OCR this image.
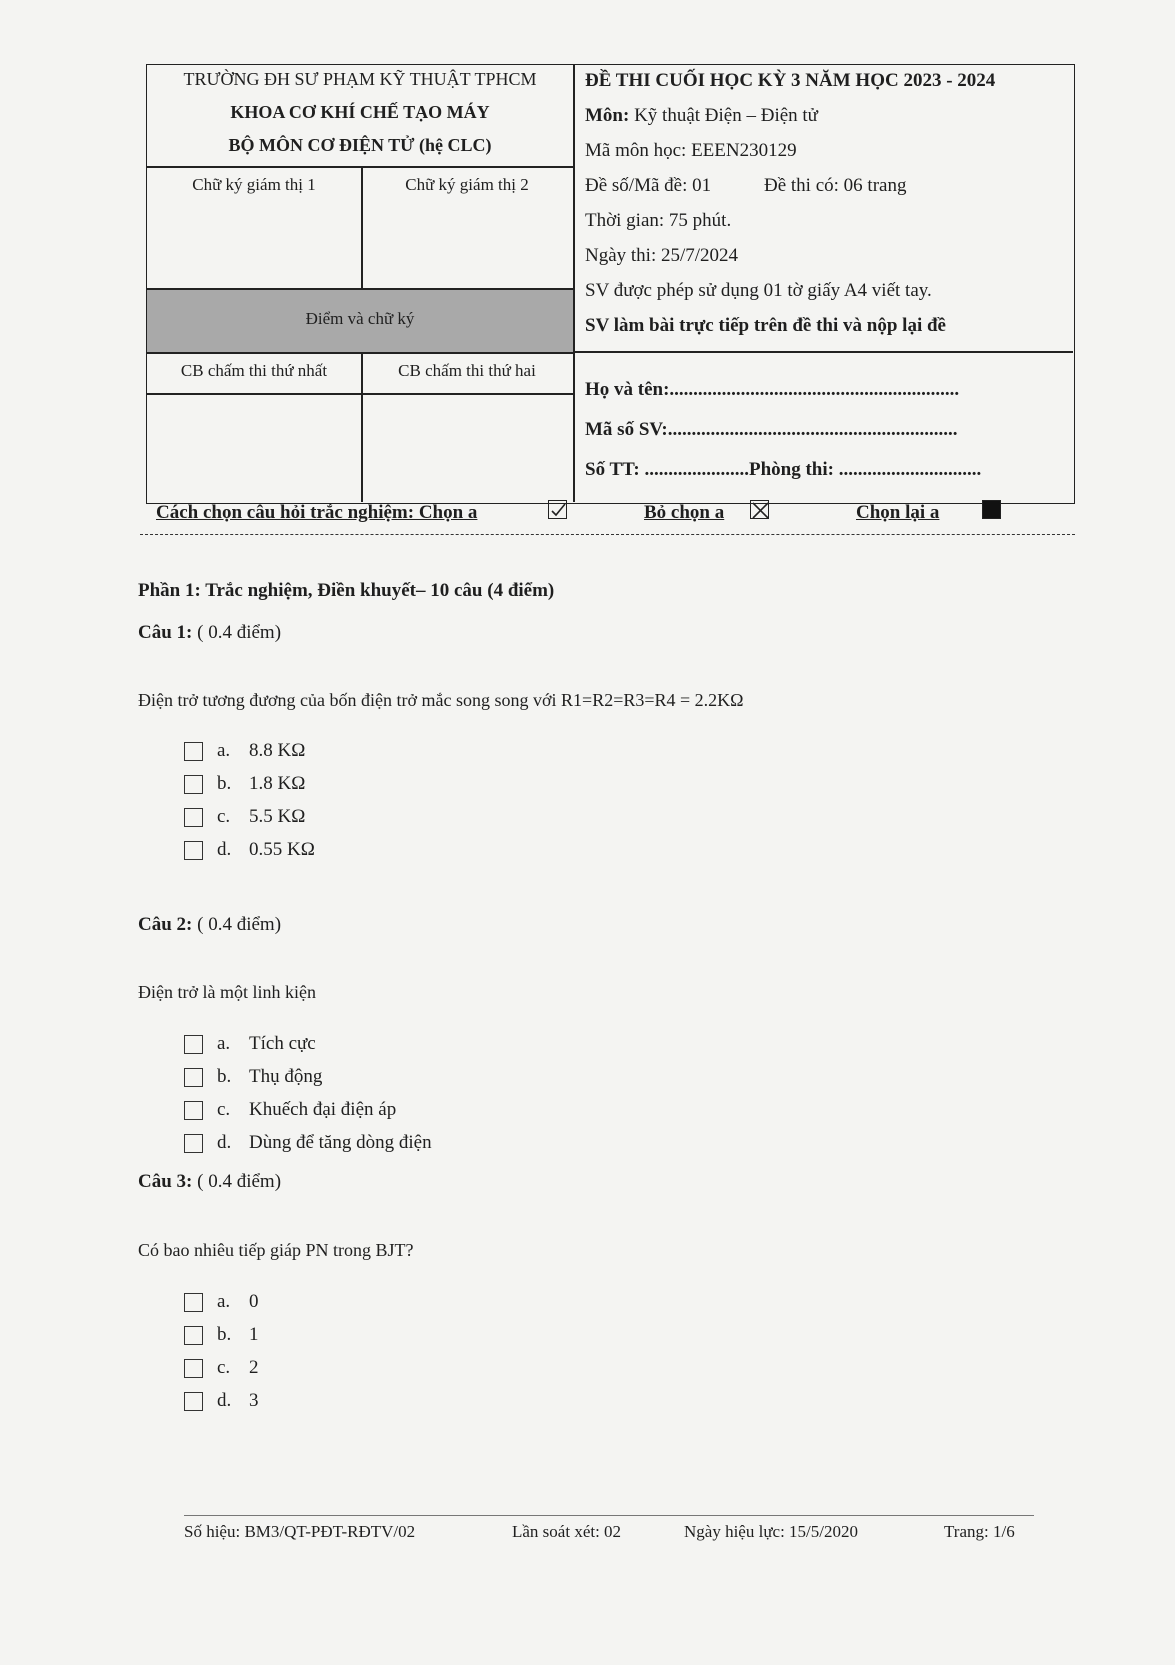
TRƯỜNG ĐH SƯ PHẠM KỸ THUẬT TPHCM
KHOA CƠ KHÍ CHẾ TẠO MÁY
BỘ MÔN CƠ ĐIỆN TỬ (hệ CLC)
Chữ ký giám thị 1	Chữ ký giám thị 2
Điểm và chữ ký
CB chấm thi thứ nhất	CB chấm thi thứ hai
ĐỀ THI CUỐI HỌC KỲ 3 NĂM HỌC 2023 - 2024
Môn: Kỹ thuật Điện – Điện tử
Mã môn học: EEEN230129
Đề số/Mã đề: 01	Đề thi có: 06 trang
Thời gian: 75 phút.
Ngày thi: 25/7/2024
SV được phép sử dụng 01 tờ giấy A4 viết tay.
SV làm bài trực tiếp trên đề thi và nộp lại đề
Họ và tên:.............................................................
Mã số SV:.............................................................
Số TT: ......................Phòng thi: ..............................
Cách chọn câu hỏi trắc nghiệm: Chọn a	Bỏ chọn a	Chọn lại a
Phần 1: Trắc nghiệm, Điền khuyết– 10 câu (4 điểm)
Câu 1: ( 0.4 điểm)
Điện trở tương đương của bốn điện trở mắc song song với R1=R2=R3=R4 = 2.2KΩ
a. 8.8 KΩ
b. 1.8 KΩ
c. 5.5 KΩ
d. 0.55 KΩ
Câu 2: ( 0.4 điểm)
Điện trở là một linh kiện
a. Tích cực
b. Thụ động
c. Khuếch đại điện áp
d. Dùng để tăng dòng điện
Câu 3: ( 0.4 điểm)
Có bao nhiêu tiếp giáp PN trong BJT?
a. 0
b. 1
c. 2
d. 3
Số hiệu: BM3/QT-PĐT-RĐTV/02	Lần soát xét: 02	Ngày hiệu lực: 15/5/2020	Trang: 1/6
